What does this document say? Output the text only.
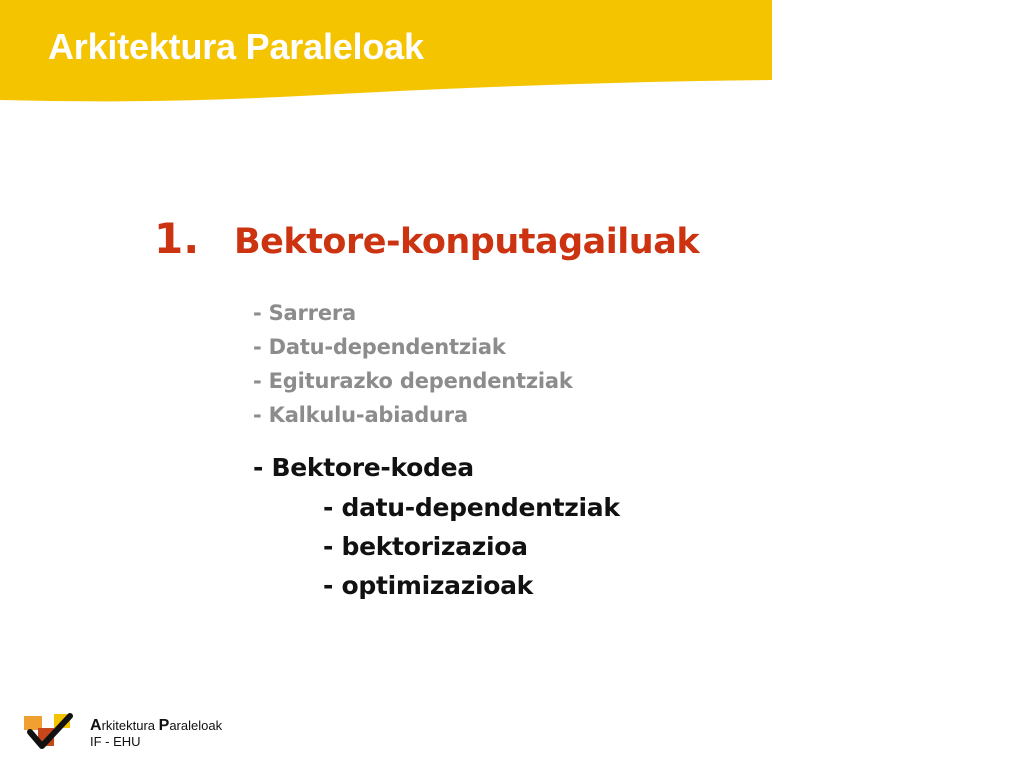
Arkitektura Paraleloak
1. Bektore-konputagailuak
- Sarrera
- Datu-dependentziak
- Egiturazko dependentziak
- Kalkulu-abiadura
- Bektore-kodea
- datu-dependentziak
- bektorizazioa
- optimizazioak
Arkitektura Paraleloak
IF - EHU
